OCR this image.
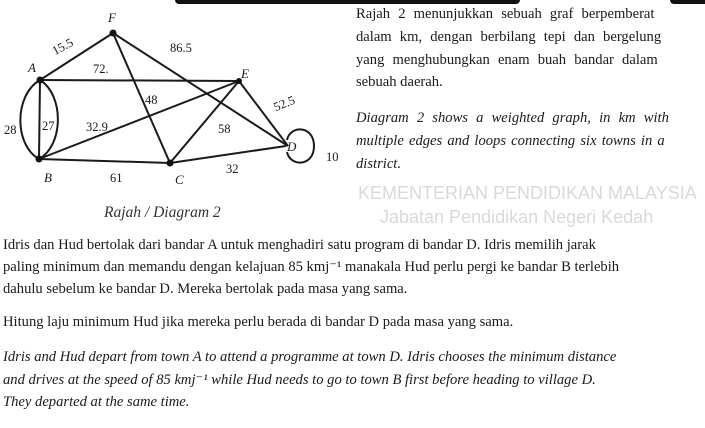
KEMENTERIAN PENDIDIKAN MALAYSIA
Jabatan Pendidikan Negeri Kedah
F
A	E
D
B	C
15.5	86.5
72.
48	52.5
28 27	32.9	58
10
32
61
Rajah / Diagram 2
Rajah 2 menunjukkan sebuah graf berpemberat
dalam km, dengan berbilang tepi dan bergelung
yang menghubungkan enam buah bandar dalam
sebuah daerah.
Diagram 2 shows a weighted graph, in km with
multiple edges and loops connecting six towns in a
district.
Idris dan Hud bertolak dari bandar A untuk menghadiri satu program di bandar D. Idris memilih jarak
paling minimum dan memandu dengan kelajuan 85 kmj⁻¹ manakala Hud perlu pergi ke bandar B terlebih
dahulu sebelum ke bandar D. Mereka bertolak pada masa yang sama.
Hitung laju minimum Hud jika mereka perlu berada di bandar D pada masa yang sama.
Idris and Hud depart from town A to attend a programme at town D. Idris chooses the minimum distance
and drives at the speed of 85 kmj⁻¹ while Hud needs to go to town B first before heading to village D.
They departed at the same time.
